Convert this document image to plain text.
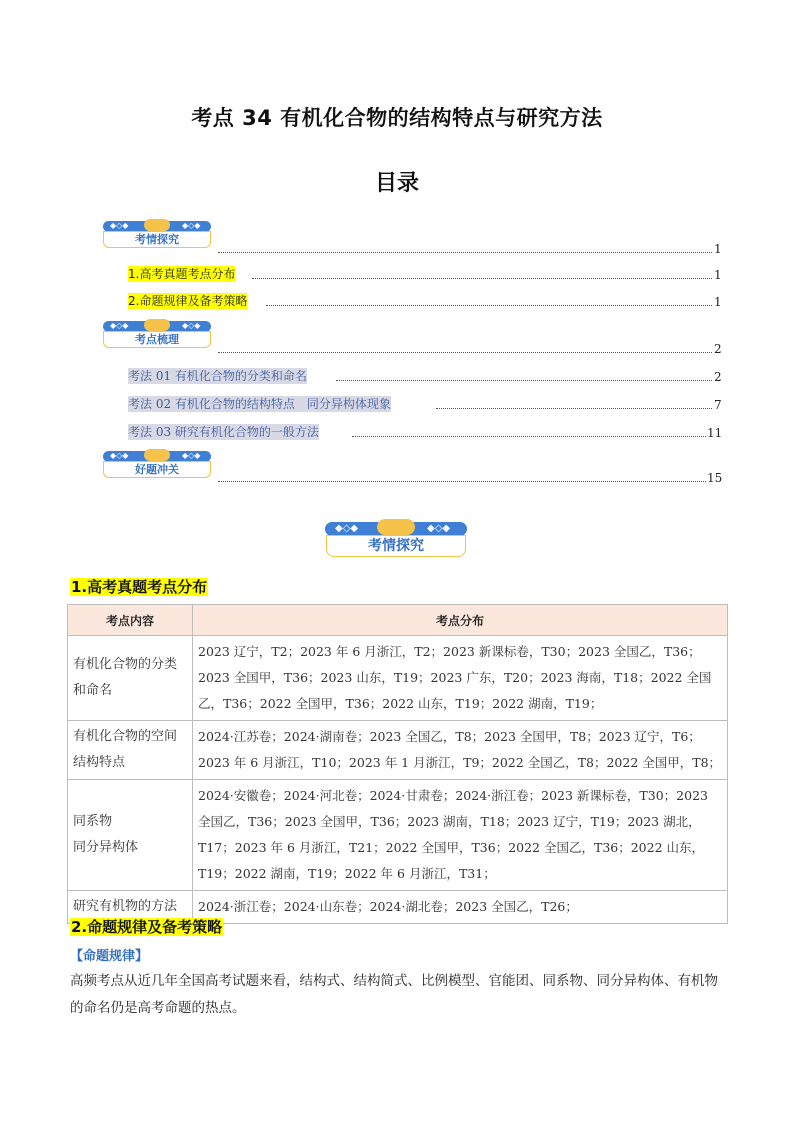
考点 34 有机化合物的结构特点与研究方法
目录
◆◇◆	◆◇◆
考情探究
1
1.高考真题考点分布	1
2.命题规律及备考策略	1
◆◇◆	◆◇◆
考点梳理
2
考法 01 有机化合物的分类和命名	2
考法 02 有机化合物的结构特点　同分异构体现象	7
考法 03 研究有机化合物的一般方法	11
◆◇◆	◆◇◆
好题冲关
15
◆◇◆	◆◇◆
考情探究
1.高考真题考点分布
考点内容	考点分布
有机化合物的分类和命名	2023 辽宁，T2；2023 年 6 月浙江，T2；2023 新课标卷，T30；2023 全国乙，T36；2023 全国甲，T36；2023 山东，T19；2023 广东，T20；2023 海南，T18；2022 全国乙，T36；2022 全国甲，T36；2022 山东，T19；2022 湖南，T19；
有机化合物的空间结构特点	2024·江苏卷；2024·湖南卷；2023 全国乙，T8；2023 全国甲，T8；2023 辽宁，T6；2023 年 6 月浙江，T10；2023 年 1 月浙江，T9；2022 全国乙，T8；2022 全国甲，T8；
同系物
同分异构体	2024·安徽卷；2024·河北卷；2024·甘肃卷；2024·浙江卷；2023 新课标卷，T30；2023 全国乙，T36；2023 全国甲，T36；2023 湖南，T18；2023 辽宁，T19；2023 湖北，T17；2023 年 6 月浙江，T21；2022 全国甲，T36；2022 全国乙，T36；2022 山东，T19；2022 湖南，T19；2022 年 6 月浙江，T31；
研究有机物的方法	2024·浙江卷；2024·山东卷；2024·湖北卷；2023 全国乙，T26；
2.命题规律及备考策略
【命题规律】
高频考点从近几年全国高考试题来看，结构式、结构简式、比例模型、官能团、同系物、同分异构体、有机物的命名仍是高考命题的热点。
